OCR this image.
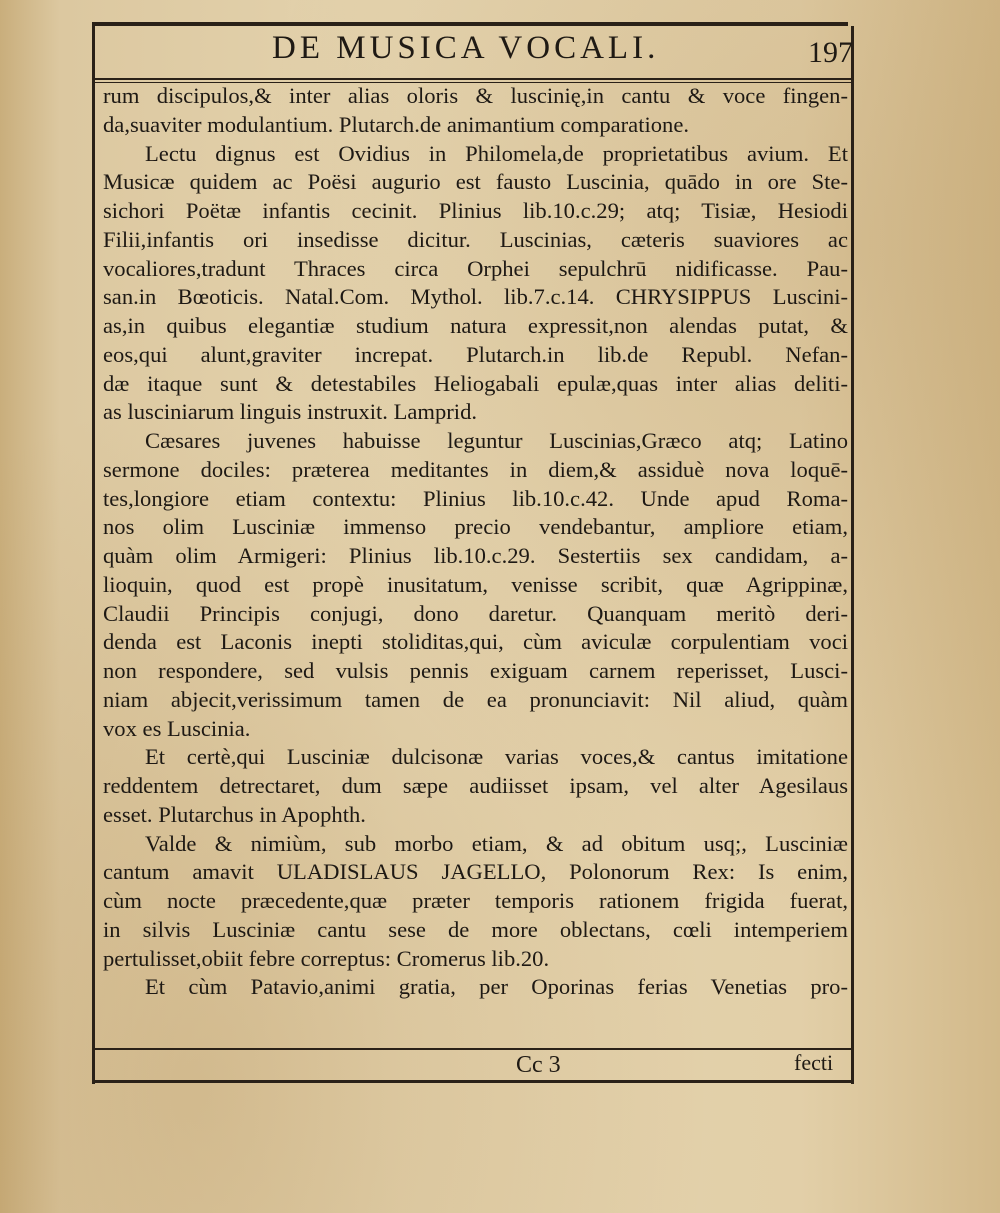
DE MUSICA VOCALI.	197
rum discipulos,& inter alias oloris & luscinię,in cantu & voce fingen-
da,suaviter modulantium. Plutarch.de animantium comparatione.
Lectu dignus est Ovidius in Philomela,de proprietatibus avium. Et
Musicæ quidem ac Poësi augurio est fausto Luscinia, quādo in ore Ste-
sichori Poëtæ infantis cecinit. Plinius lib.10.c.29; atq; Tisiæ, Hesiodi
Filii,infantis ori insedisse dicitur. Luscinias, cæteris suaviores ac
vocaliores,tradunt Thraces circa Orphei sepulchrū nidificasse. Pau-
san.in Bœoticis. Natal.Com. Mythol. lib.7.c.14. CHRYSIPPUS Luscini-
as,in quibus elegantiæ studium natura expressit,non alendas putat, &
eos,qui alunt,graviter increpat. Plutarch.in lib.de Republ. Nefan-
dæ itaque sunt & detestabiles Heliogabali epulæ,quas inter alias deliti-
as lusciniarum linguis instruxit. Lamprid.
Cæsares juvenes habuisse leguntur Luscinias,Græco atq; Latino
sermone dociles: præterea meditantes in diem,& assiduè nova loquē-
tes,longiore etiam contextu: Plinius lib.10.c.42. Unde apud Roma-
nos olim Lusciniæ immenso precio vendebantur, ampliore etiam,
quàm olim Armigeri: Plinius lib.10.c.29. Sestertiis sex candidam, a-
lioquin, quod est propè inusitatum, venisse scribit, quæ Agrippinæ,
Claudii Principis conjugi, dono daretur. Quanquam meritò deri-
denda est Laconis inepti stoliditas,qui, cùm aviculæ corpulentiam voci
non respondere, sed vulsis pennis exiguam carnem reperisset, Lusci-
niam abjecit,verissimum tamen de ea pronunciavit: Nil aliud, quàm
vox es Luscinia.
Et certè,qui Lusciniæ dulcisonæ varias voces,& cantus imitatione
reddentem detrectaret, dum sæpe audiisset ipsam, vel alter Agesilaus
esset. Plutarchus in Apophth.
Valde & nimiùm, sub morbo etiam, & ad obitum usq;, Lusciniæ
cantum amavit ULADISLAUS JAGELLO, Polonorum Rex: Is enim,
cùm nocte præcedente,quæ præter temporis rationem frigida fuerat,
in silvis Lusciniæ cantu sese de more oblectans, cœli intemperiem
pertulisset,obiit febre correptus: Cromerus lib.20.
Et cùm Patavio,animi gratia, per Oporinas ferias Venetias pro-
Cc 3	fecti
